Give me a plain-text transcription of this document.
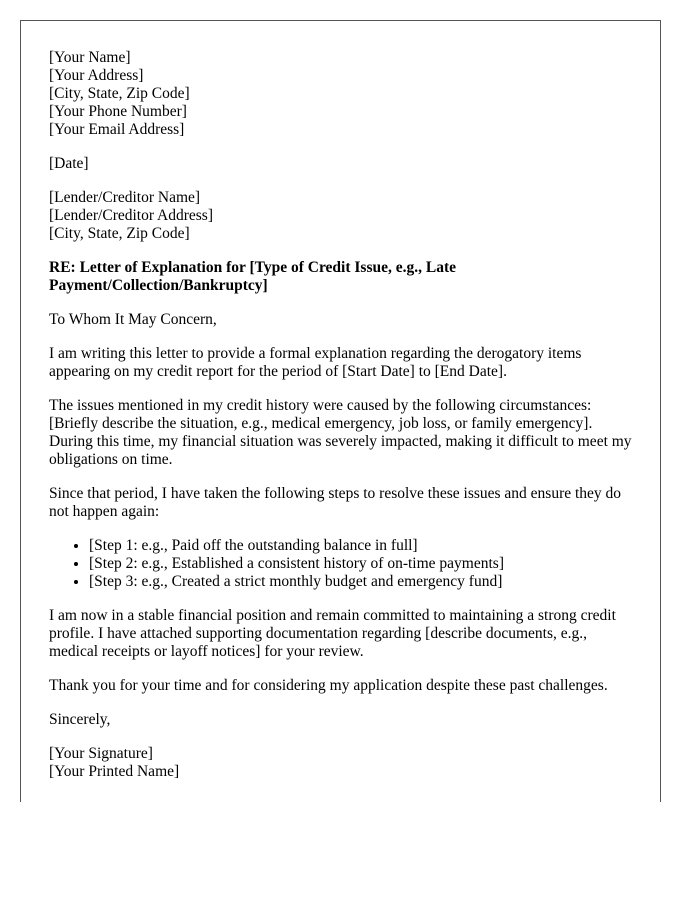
[Your Name]
[Your Address]
[City, State, Zip Code]
[Your Phone Number]
[Your Email Address]
[Date]
[Lender/Creditor Name]
[Lender/Creditor Address]
[City, State, Zip Code]
RE: Letter of Explanation for [Type of Credit Issue, e.g., Late Payment/Collection/Bankruptcy]

To Whom It May Concern,

I am writing this letter to provide a formal explanation regarding the derogatory items appearing on my credit report for the period of [Start Date] to [End Date].

The issues mentioned in my credit history were caused by the following circumstances: [Briefly describe the situation, e.g., medical emergency, job loss, or family emergency]. During this time, my financial situation was severely impacted, making it difficult to meet my obligations on time.

Since that period, I have taken the following steps to resolve these issues and ensure they do not happen again:

• [Step 1: e.g., Paid off the outstanding balance in full]
• [Step 2: e.g., Established a consistent history of on-time payments]
• [Step 3: e.g., Created a strict monthly budget and emergency fund]

I am now in a stable financial position and remain committed to maintaining a strong credit profile. I have attached supporting documentation regarding [describe documents, e.g., medical receipts or layoff notices] for your review.

Thank you for your time and for considering my application despite these past challenges.

Sincerely,

[Your Signature]
[Your Printed Name]
